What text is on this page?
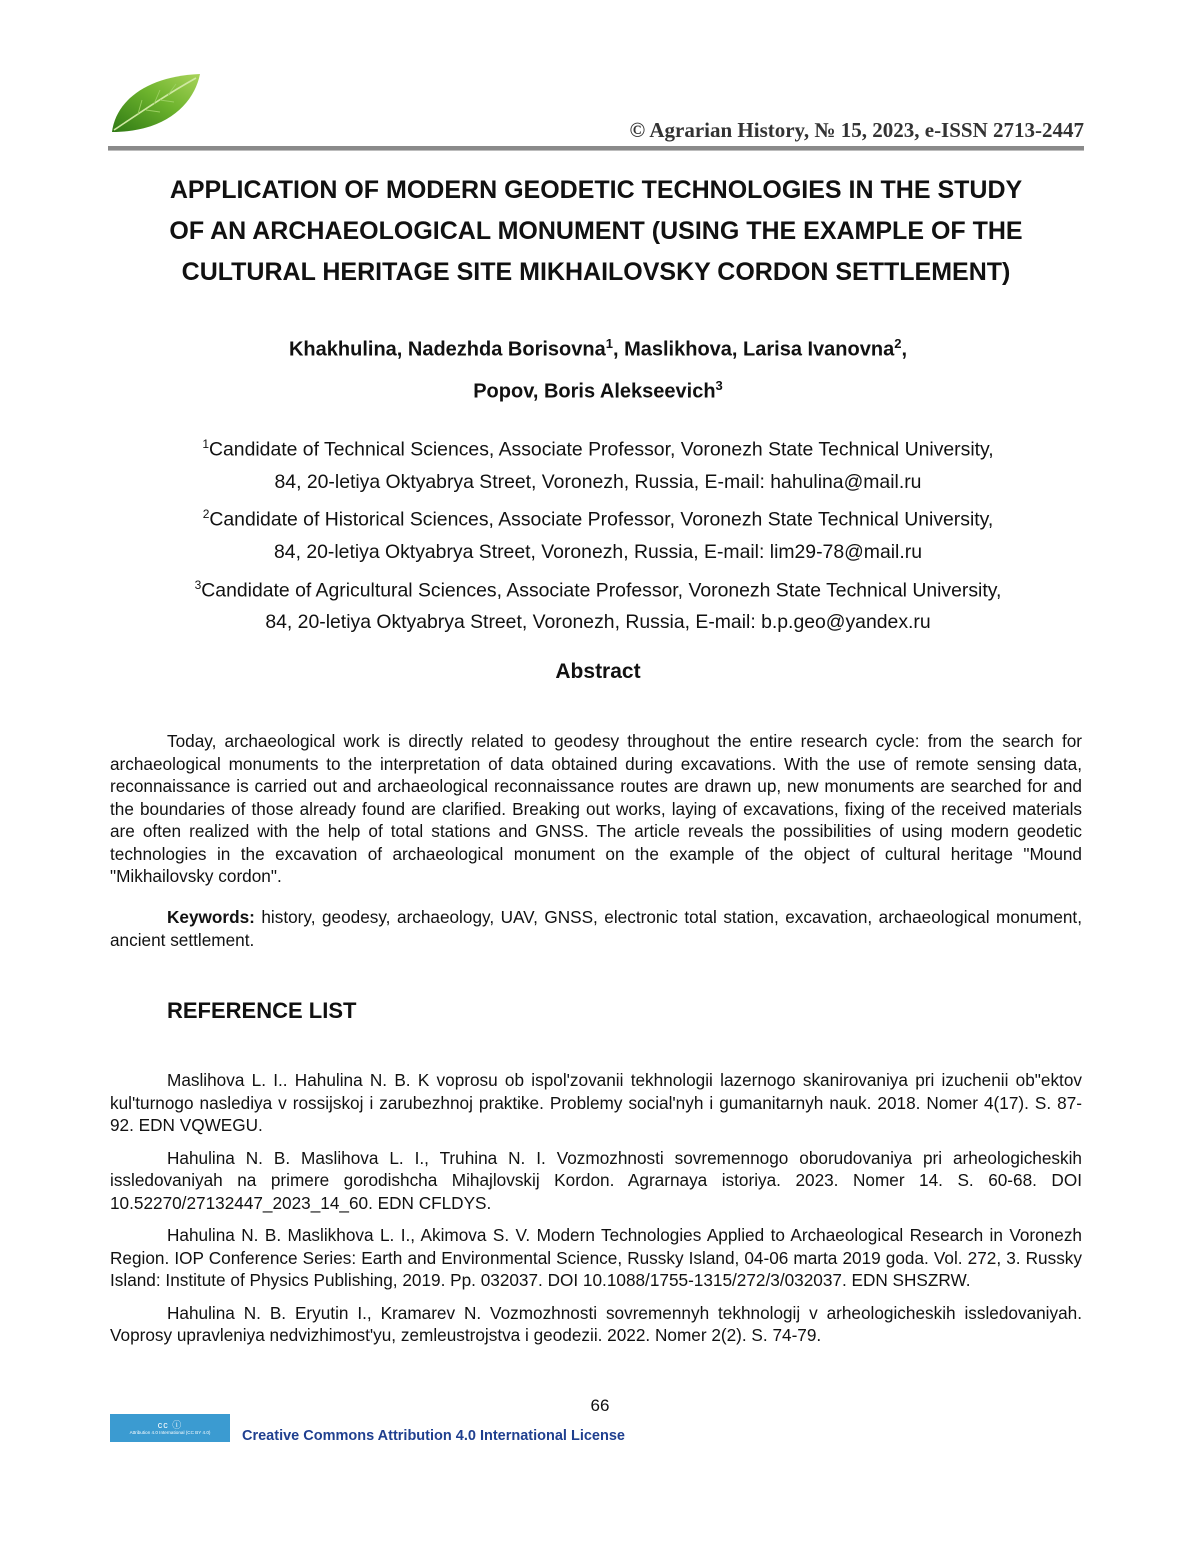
© Agrarian History, № 15, 2023, e-ISSN 2713-2447
APPLICATION OF MODERN GEODETIC TECHNOLOGIES IN THE STUDY
OF AN ARCHAEOLOGICAL MONUMENT (USING THE EXAMPLE OF THE
CULTURAL HERITAGE SITE MIKHAILOVSKY CORDON SETTLEMENT)
Khakhulina, Nadezhda Borisovna$^1$, Maslikhova, Larisa Ivanovna$^2$,
Popov, Boris Alekseevich$^3$
$^1$Candidate of Technical Sciences, Associate Professor, Voronezh State Technical University,
84, 20-letiya Oktyabrya Street, Voronezh, Russia, E-mail: hahulina@mail.ru
$^2$Candidate of Historical Sciences, Associate Professor, Voronezh State Technical University,
84, 20-letiya Oktyabrya Street, Voronezh, Russia, E-mail: lim29-78@mail.ru
$^3$Candidate of Agricultural Sciences, Associate Professor, Voronezh State Technical University,
84, 20-letiya Oktyabrya Street, Voronezh, Russia, E-mail: b.p.geo@yandex.ru
Abstract

Today, archaeological work is directly related to geodesy throughout the entire research cycle: from the search for archaeological monuments to the interpretation of data obtained during excavations. With the use of remote sensing data, reconnaissance is carried out and archaeological reconnaissance routes are drawn up, new monuments are searched for and the boundaries of those already found are clarified. Breaking out works, laying of excavations, fixing of the received materials are often realized with the help of total stations and GNSS. The article reveals the possibilities of using modern geodetic technologies in the excavation of archaeological monument on the example of the object of cultural heritage "Mound "Mikhailovsky cordon".

Keywords: history, geodesy, archaeology, UAV, GNSS, electronic total station, excavation, archaeological monument, ancient settlement.

REFERENCE LIST

Maslihova L. I.. Hahulina N. B. K voprosu ob ispol'zovanii tekhnologii lazernogo skanirovaniya pri izuchenii ob"ektov kul'turnogo naslediya v rossijskoj i zarubezhnoj praktike. Problemy social'nyh i gumanitarnyh nauk. 2018. Nomer 4(17). S. 87-92. EDN VQWEGU.

Hahulina N. B. Maslihova L. I., Truhina N. I. Vozmozhnosti sovremennogo oborudovaniya pri arheologicheskih issledovaniyah na primere gorodishcha Mihajlovskij Kordon. Agrarnaya istoriya. 2023. Nomer 14. S. 60-68. DOI 10.52270/27132447_2023_14_60. EDN CFLDYS.

Hahulina N. B. Maslikhova L. I., Akimova S. V. Modern Technologies Applied to Archaeological Research in Voronezh Region. IOP Conference Series: Earth and Environmental Science, Russky Island, 04-06 marta 2019 goda. Vol. 272, 3. Russky Island: Institute of Physics Publishing, 2019. Pp. 032037. DOI 10.1088/1755-1315/272/3/032037. EDN SHSZRW.

Hahulina N. B. Eryutin I., Kramarev N. Vozmozhnosti sovremennyh tekhnologij v arheologicheskih issledovaniyah. Voprosy upravleniya nedvizhimost'yu, zemleustrojstva i geodezii. 2022. Nomer 2(2). S. 74-79.

66
cc ⓘ
Attribution 4.0 International (CC BY 4.0) Creative Commons Attribution 4.0 International License
